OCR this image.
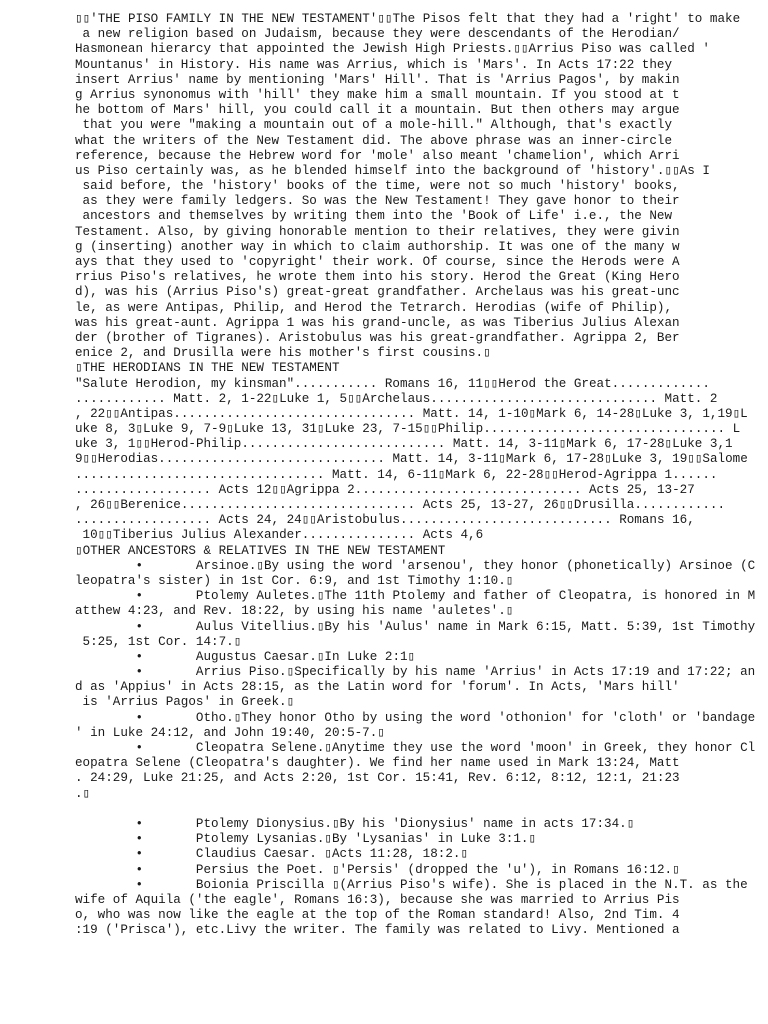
▯▯'THE PISO FAMILY IN THE NEW TESTAMENT'▯▯The Pisos felt that they had a 'right' to make
a new religion based on Judaism, because they were descendants of the Herodian/
Hasmonean hierarcy that appointed the Jewish High Priests.▯▯Arrius Piso was called '
Mountanus' in History. His name was Arrius, which is 'Mars'. In Acts 17:22 they
insert Arrius' name by mentioning 'Mars' Hill'. That is 'Arrius Pagos', by makin
g Arrius synonomus with 'hill' they make him a small mountain. If you stood at t
he bottom of Mars' hill, you could call it a mountain. But then others may argue
that you were "making a mountain out of a mole-hill." Although, that's exactly
what the writers of the New Testament did. The above phrase was an inner-circle
reference, because the Hebrew word for 'mole' also meant 'chamelion', which Arri
us Piso certainly was, as he blended himself into the background of 'history'.▯▯As I
said before, the 'history' books of the time, were not so much 'history' books,
as they were family ledgers. So was the New Testament! They gave honor to their
ancestors and themselves by writing them into the 'Book of Life' i.e., the New
Testament. Also, by giving honorable mention to their relatives, they were givin
g (inserting) another way in which to claim authorship. It was one of the many w
ays that they used to 'copyright' their work. Of course, since the Herods were A
rrius Piso's relatives, he wrote them into his story. Herod the Great (King Hero
d), was his (Arrius Piso's) great-great grandfather. Archelaus was his great-unc
le, as were Antipas, Philip, and Herod the Tetrarch. Herodias (wife of Philip),
was his great-aunt. Agrippa 1 was his grand-uncle, as was Tiberius Julius Alexan
der (brother of Tigranes). Aristobulus was his great-grandfather. Agrippa 2, Ber
enice 2, and Drusilla were his mother's first cousins.▯
▯THE HERODIANS IN THE NEW TESTAMENT
"Salute Herodion, my kinsman"........... Romans 16, 11▯▯Herod the Great.............
............ Matt. 2, 1-22▯Luke 1, 5▯▯Archelaus.............................. Matt. 2
, 22▯▯Antipas................................ Matt. 14, 1-10▯Mark 6, 14-28▯Luke 3, 1,19▯L
uke 8, 3▯Luke 9, 7-9▯Luke 13, 31▯Luke 23, 7-15▯▯Philip................................ L
uke 3, 1▯▯Herod-Philip........................... Matt. 14, 3-11▯Mark 6, 17-28▯Luke 3,1
9▯▯Herodias.............................. Matt. 14, 3-11▯Mark 6, 17-28▯Luke 3, 19▯▯Salome
................................. Matt. 14, 6-11▯Mark 6, 22-28▯▯Herod-Agrippa 1......
.................. Acts 12▯▯Agrippa 2.............................. Acts 25, 13-27
, 26▯▯Berenice............................... Acts 25, 13-27, 26▯▯Drusilla............
.................. Acts 24, 24▯▯Aristobulus............................ Romans 16,
10▯▯Tiberius Julius Alexander............... Acts 4,6
▯OTHER ANCESTORS & RELATIVES IN THE NEW TESTAMENT
•       Arsinoe.▯By using the word 'arsenou', they honor (phonetically) Arsinoe (C
leopatra's sister) in 1st Cor. 6:9, and 1st Timothy 1:10.▯
•       Ptolemy Auletes.▯The 11th Ptolemy and father of Cleopatra, is honored in M
atthew 4:23, and Rev. 18:22, by using his name 'auletes'.▯
•       Aulus Vitellius.▯By his 'Aulus' name in Mark 6:15, Matt. 5:39, 1st Timothy
5:25, 1st Cor. 14:7.▯
•       Augustus Caesar.▯In Luke 2:1▯
•       Arrius Piso.▯Specifically by his name 'Arrius' in Acts 17:19 and 17:22; an
d as 'Appius' in Acts 28:15, as the Latin word for 'forum'. In Acts, 'Mars hill'
is 'Arrius Pagos' in Greek.▯
•       Otho.▯They honor Otho by using the word 'othonion' for 'cloth' or 'bandage
' in Luke 24:12, and John 19:40, 20:5-7.▯
•       Cleopatra Selene.▯Anytime they use the word 'moon' in Greek, they honor Cl
eopatra Selene (Cleopatra's daughter). We find her name used in Mark 13:24, Matt
. 24:29, Luke 21:25, and Acts 2:20, 1st Cor. 15:41, Rev. 6:12, 8:12, 12:1, 21:23
.▯
•       Ptolemy Dionysius.▯By his 'Dionysius' name in acts 17:34.▯
•       Ptolemy Lysanias.▯By 'Lysanias' in Luke 3:1.▯
•       Claudius Caesar. ▯Acts 11:28, 18:2.▯
•       Persius the Poet. ▯'Persis' (dropped the 'u'), in Romans 16:12.▯
•       Boionia Priscilla ▯(Arrius Piso's wife). She is placed in the N.T. as the
wife of Aquila ('the eagle', Romans 16:3), because she was married to Arrius Pis
o, who was now like the eagle at the top of the Roman standard! Also, 2nd Tim. 4
:19 ('Prisca'), etc.Livy the writer. The family was related to Livy. Mentioned a
